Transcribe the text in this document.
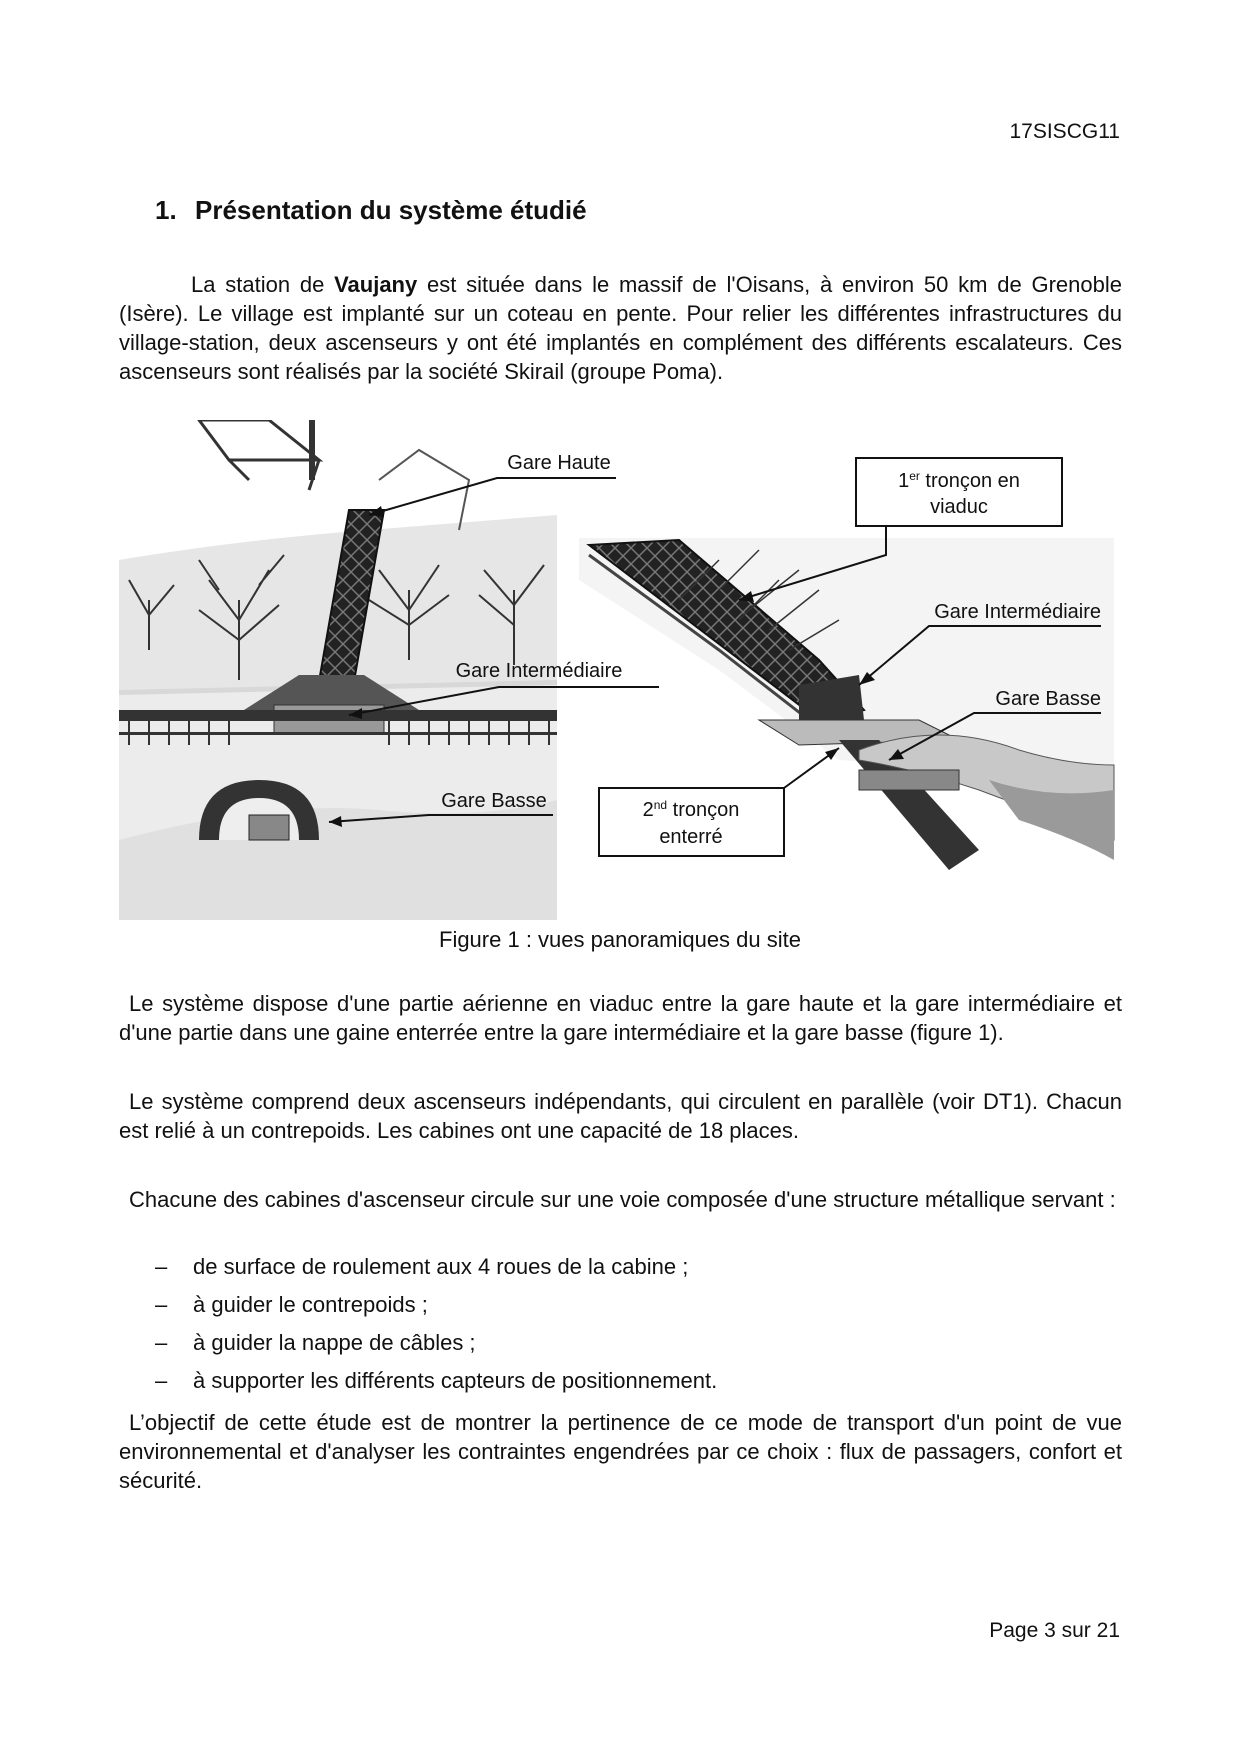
17SISCG11
1. Présentation du système étudié

La station de Vaujany est située dans le massif de l'Oisans, à environ 50 km de Grenoble (Isère). Le village est implanté sur un coteau en pente. Pour relier les différentes infrastructures du village-station, deux ascenseurs y ont été implantés en complément des différents escalateurs. Ces ascenseurs sont réalisés par la société Skirail (groupe Poma).

Gare Haute
Gare Intermédiaire
Gare Basse
1er tronçon en
viaduc
Gare Intermédiaire
Gare Basse
2nd tronçon
enterré
Figure 1 : vues panoramiques du site

Le système dispose d'une partie aérienne en viaduc entre la gare haute et la gare intermédiaire et d'une partie dans une gaine enterrée entre la gare intermédiaire et la gare basse (figure 1).

Le système comprend deux ascenseurs indépendants, qui circulent en parallèle (voir DT1). Chacun est relié à un contrepoids. Les cabines ont une capacité de 18 places.

Chacune des cabines d'ascenseur circule sur une voie composée d'une structure métallique servant :

–	de surface de roulement aux 4 roues de la cabine ;
–	à guider le contrepoids ;
–	à guider la nappe de câbles ;
–	à supporter les différents capteurs de positionnement.

L’objectif de cette étude est de montrer la pertinence de ce mode de transport d'un point de vue environnemental et d'analyser les contraintes engendrées par ce choix : flux de passagers, confort et sécurité.

Page 3 sur 21
